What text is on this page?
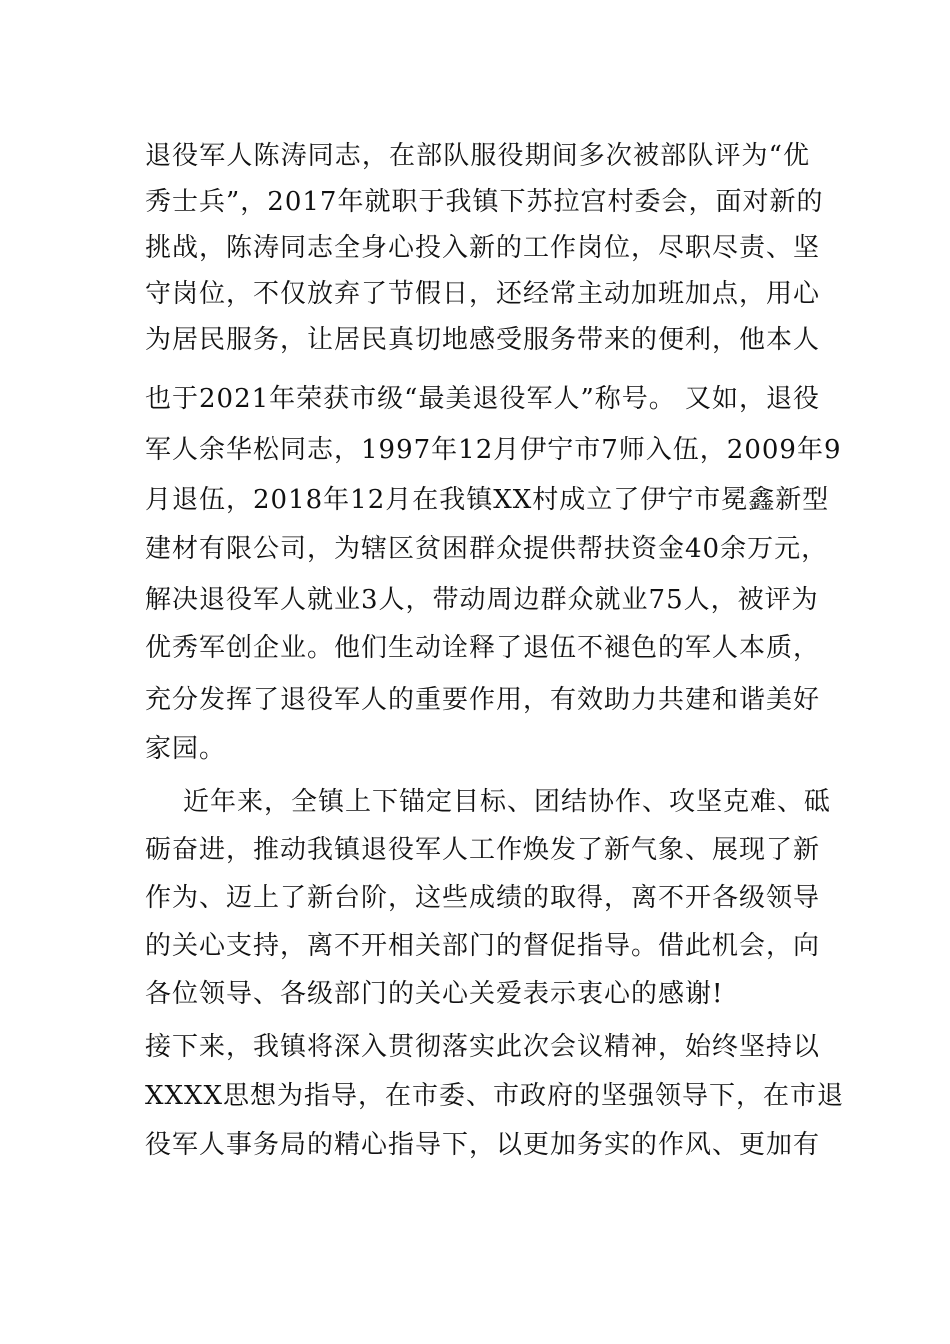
退役军人陈涛同志，在部队服役期间多次被部队评为“优
秀士兵”，2017年就职于我镇下苏拉宫村委会，面对新的
挑战，陈涛同志全身心投入新的工作岗位，尽职尽责、坚
守岗位，不仅放弃了节假日，还经常主动加班加点，用心
为居民服务，让居民真切地感受服务带来的便利，他本人
也于2021年荣获市级“最美退役军人”称号。 又如，退役
军人余华松同志，1997年12月伊宁市7师入伍，2009年9
月退伍，2018年12月在我镇XX村成立了伊宁市冕鑫新型
建材有限公司，为辖区贫困群众提供帮扶资金40余万元，
解决退役军人就业3人，带动周边群众就业75人，被评为
优秀军创企业。他们生动诠释了退伍不褪色的军人本质，
充分发挥了退役军人的重要作用，有效助力共建和谐美好
家园。
近年来，全镇上下锚定目标、团结协作、攻坚克难、砥
砺奋进，推动我镇退役军人工作焕发了新气象、展现了新
作为、迈上了新台阶，这些成绩的取得，离不开各级领导
的关心支持，离不开相关部门的督促指导。借此机会，向
各位领导、各级部门的关心关爱表示衷心的感谢!
接下来，我镇将深入贯彻落实此次会议精神，始终坚持以
XXXX思想为指导，在市委、市政府的坚强领导下，在市退
役军人事务局的精心指导下，以更加务实的作风、更加有
